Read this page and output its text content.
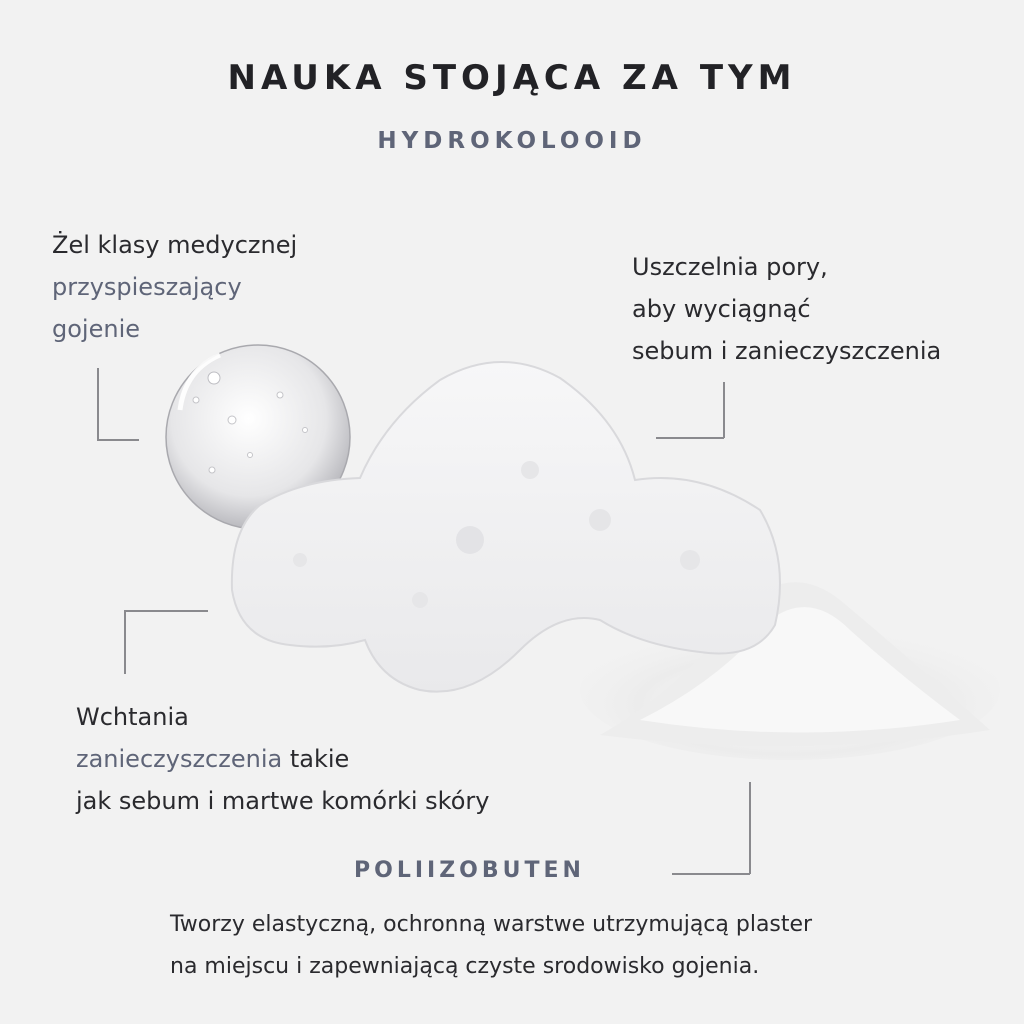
NAUKA STOJĄCA ZA TYM
HYDROKOLOOID
Żel klasy medycznej
przyspieszający
gojenie
Uszczelnia pory,
aby wyciągnąć
sebum i zanieczyszczenia
Wchtania
zanieczyszczenia takie
jak sebum i martwe komórki skóry
POLIIZOBUTEN
Tworzy elastyczną, ochronną warstwe utrzymującą plaster
na miejscu i zapewniającą czyste srodowisko gojenia.
